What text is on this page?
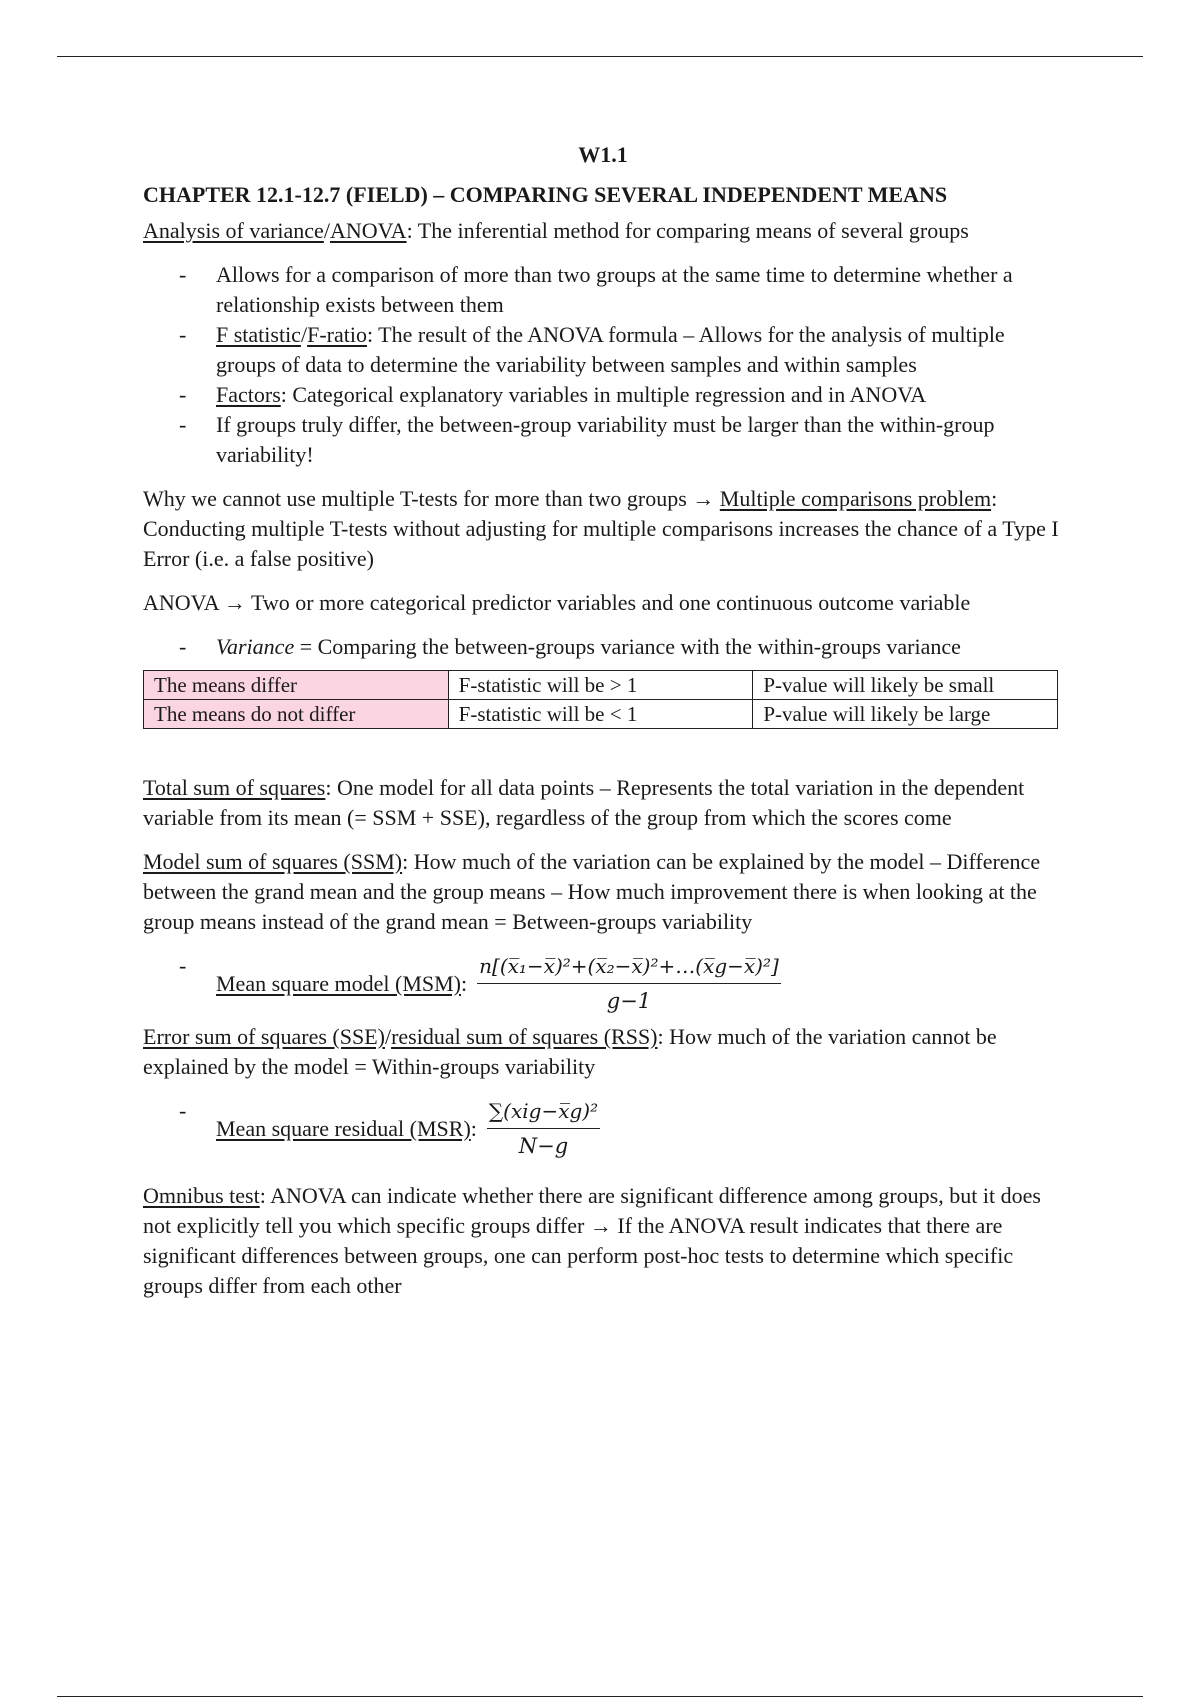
W1.1
CHAPTER 12.1-12.7 (FIELD) – COMPARING SEVERAL INDEPENDENT MEANS

Analysis of variance/ANOVA: The inferential method for comparing means of several groups

- Allows for a comparison of more than two groups at the same time to determine whether a relationship exists between them
- F statistic/F-ratio: The result of the ANOVA formula – Allows for the analysis of multiple groups of data to determine the variability between samples and within samples
- Factors: Categorical explanatory variables in multiple regression and in ANOVA
- If groups truly differ, the between-group variability must be larger than the within-group variability!

Why we cannot use multiple T-tests for more than two groups → Multiple comparisons problem: Conducting multiple T-tests without adjusting for multiple comparisons increases the chance of a Type I Error (i.e. a false positive)

ANOVA → Two or more categorical predictor variables and one continuous outcome variable

- Variance = Comparing the between-groups variance with the within-groups variance
The means differ	F-statistic will be > 1	P-value will likely be small
The means do not differ	F-statistic will be < 1	P-value will likely be large

Total sum of squares: One model for all data points – Represents the total variation in the dependent variable from its mean (= SSM + SSE), regardless of the group from which the scores come

Model sum of squares (SSM): How much of the variation can be explained by the model – Difference between the grand mean and the group means – How much improvement there is when looking at the group means instead of the grand mean = Between-groups variability

- Mean square model (MSM): $\frac{\text{n[(x̅₁−x̅)²+(x̅₂−x̅)²+…(x̅g−x̅)²]}}{g-1}$

Error sum of squares (SSE)/residual sum of squares (RSS): How much of the variation cannot be explained by the model = Within-groups variability

- Mean square residual (MSR): $\frac{\text{∑(xig−x̅g)²}}{N-g}$

Omnibus test: ANOVA can indicate whether there are significant difference among groups, but it does not explicitly tell you which specific groups differ → If the ANOVA result indicates that there are significant differences between groups, one can perform post-hoc tests to determine which specific groups differ from each other
